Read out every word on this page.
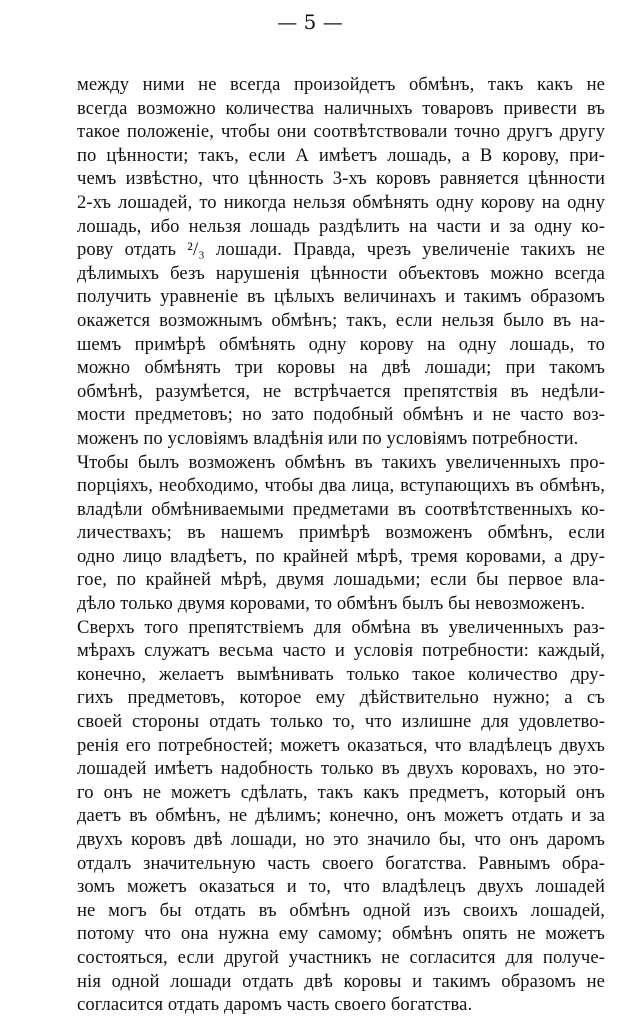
— 5 —
между ними не всегда произойдетъ обмѣнъ, такъ какъ не
всегда возможно количества наличныхъ товаровъ привести въ
такое положеніе, чтобы они соотвѣтствовали точно другъ другу
по цѣнности; такъ, если А имѣетъ лошадь, а В корову, при-
чемъ извѣстно, что цѣнность 3-хъ коровъ равняется цѣнности
2-хъ лошадей, то никогда нельзя обмѣнять одну корову на одну
лошадь, ибо нельзя лошадь раздѣлить на части и за одну ко-
рову отдать ²/₃ лошади. Правда, чрезъ увеличеніе такихъ не
дѣлимыхъ безъ нарушенія цѣнности объектовъ можно всегда
получить уравненіе въ цѣлыхъ величинахъ и такимъ образомъ
окажется возможнымъ обмѣнъ; такъ, если нельзя было въ на-
шемъ примѣрѣ обмѣнять одну корову на одну лошадь, то
можно обмѣнять три коровы на двѣ лошади; при такомъ
обмѣнѣ, разумѣется, не встрѣчается препятствія въ недѣли-
мости предметовъ; но зато подобный обмѣнъ и не часто воз-
моженъ по условіямъ владѣнія или по условіямъ потребности.
Чтобы былъ возможенъ обмѣнъ въ такихъ увеличенныхъ про-
порціяхъ, необходимо, чтобы два лица, вступающихъ въ обмѣнъ,
владѣли обмѣниваемыми предметами въ соотвѣтственныхъ ко-
личествахъ; въ нашемъ примѣрѣ возможенъ обмѣнъ, если
одно лицо владѣетъ, по крайней мѣрѣ, тремя коровами, а дру-
гое, по крайней мѣрѣ, двумя лошадьми; если бы первое вла-
дѣло только двумя коровами, то обмѣнъ былъ бы невозможенъ.
Сверхъ того препятствіемъ для обмѣна въ увеличенныхъ раз-
мѣрахъ служатъ весьма часто и условія потребности: каждый,
конечно, желаетъ вымѣнивать только такое количество дру-
гихъ предметовъ, которое ему дѣйствительно нужно; а съ
своей стороны отдать только то, что излишне для удовлетво-
ренія его потребностей; можетъ оказаться, что владѣлецъ двухъ
лошадей имѣетъ надобность только въ двухъ коровахъ, но это-
го онъ не можетъ сдѣлать, такъ какъ предметъ, который онъ
даетъ въ обмѣнъ, не дѣлимъ; конечно, онъ можетъ отдать и за
двухъ коровъ двѣ лошади, но это значило бы, что онъ даромъ
отдалъ значительную часть своего богатства. Равнымъ обра-
зомъ можетъ оказаться и то, что владѣлецъ двухъ лошадей
не могъ бы отдать въ обмѣнъ одной изъ своихъ лошадей,
потому что она нужна ему самому; обмѣнъ опять не можетъ
состояться, если другой участникъ не согласится для получе-
нія одной лошади отдать двѣ коровы и такимъ образомъ не
согласится отдать даромъ часть своего богатства.
